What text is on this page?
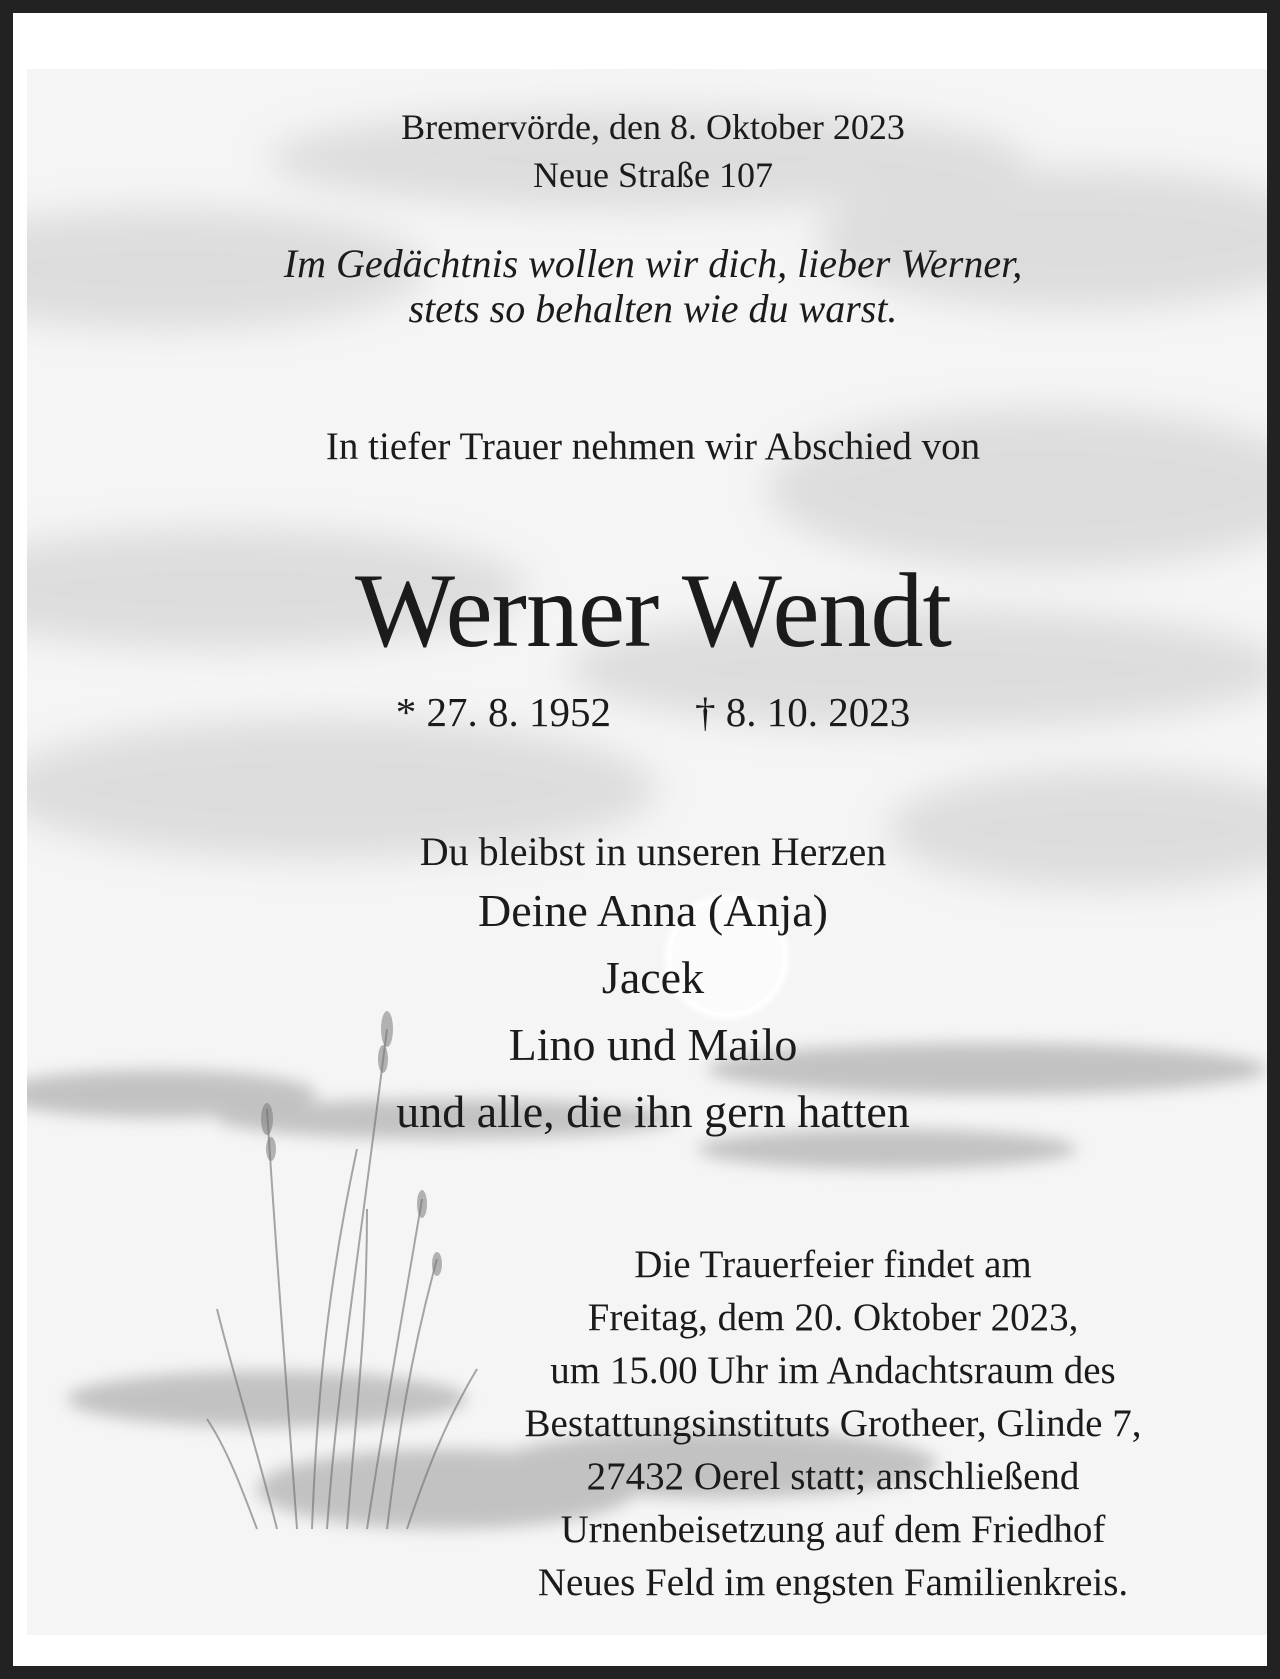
Bremervörde, den 8. Oktober 2023
Neue Straße 107
Im Gedächtnis wollen wir dich, lieber Werner,
stets so behalten wie du warst.
In tiefer Trauer nehmen wir Abschied von
Werner Wendt
* 27. 8. 1952 † 8. 10. 2023
Du bleibst in unseren Herzen
Deine Anna (Anja)
Jacek
Lino und Mailo
und alle, die ihn gern hatten
Die Trauerfeier findet am
Freitag, dem 20. Oktober 2023,
um 15.00 Uhr im Andachtsraum des
Bestattungsinstituts Grotheer, Glinde 7,
27432 Oerel statt; anschließend
Urnenbeisetzung auf dem Friedhof
Neues Feld im engsten Familienkreis.
